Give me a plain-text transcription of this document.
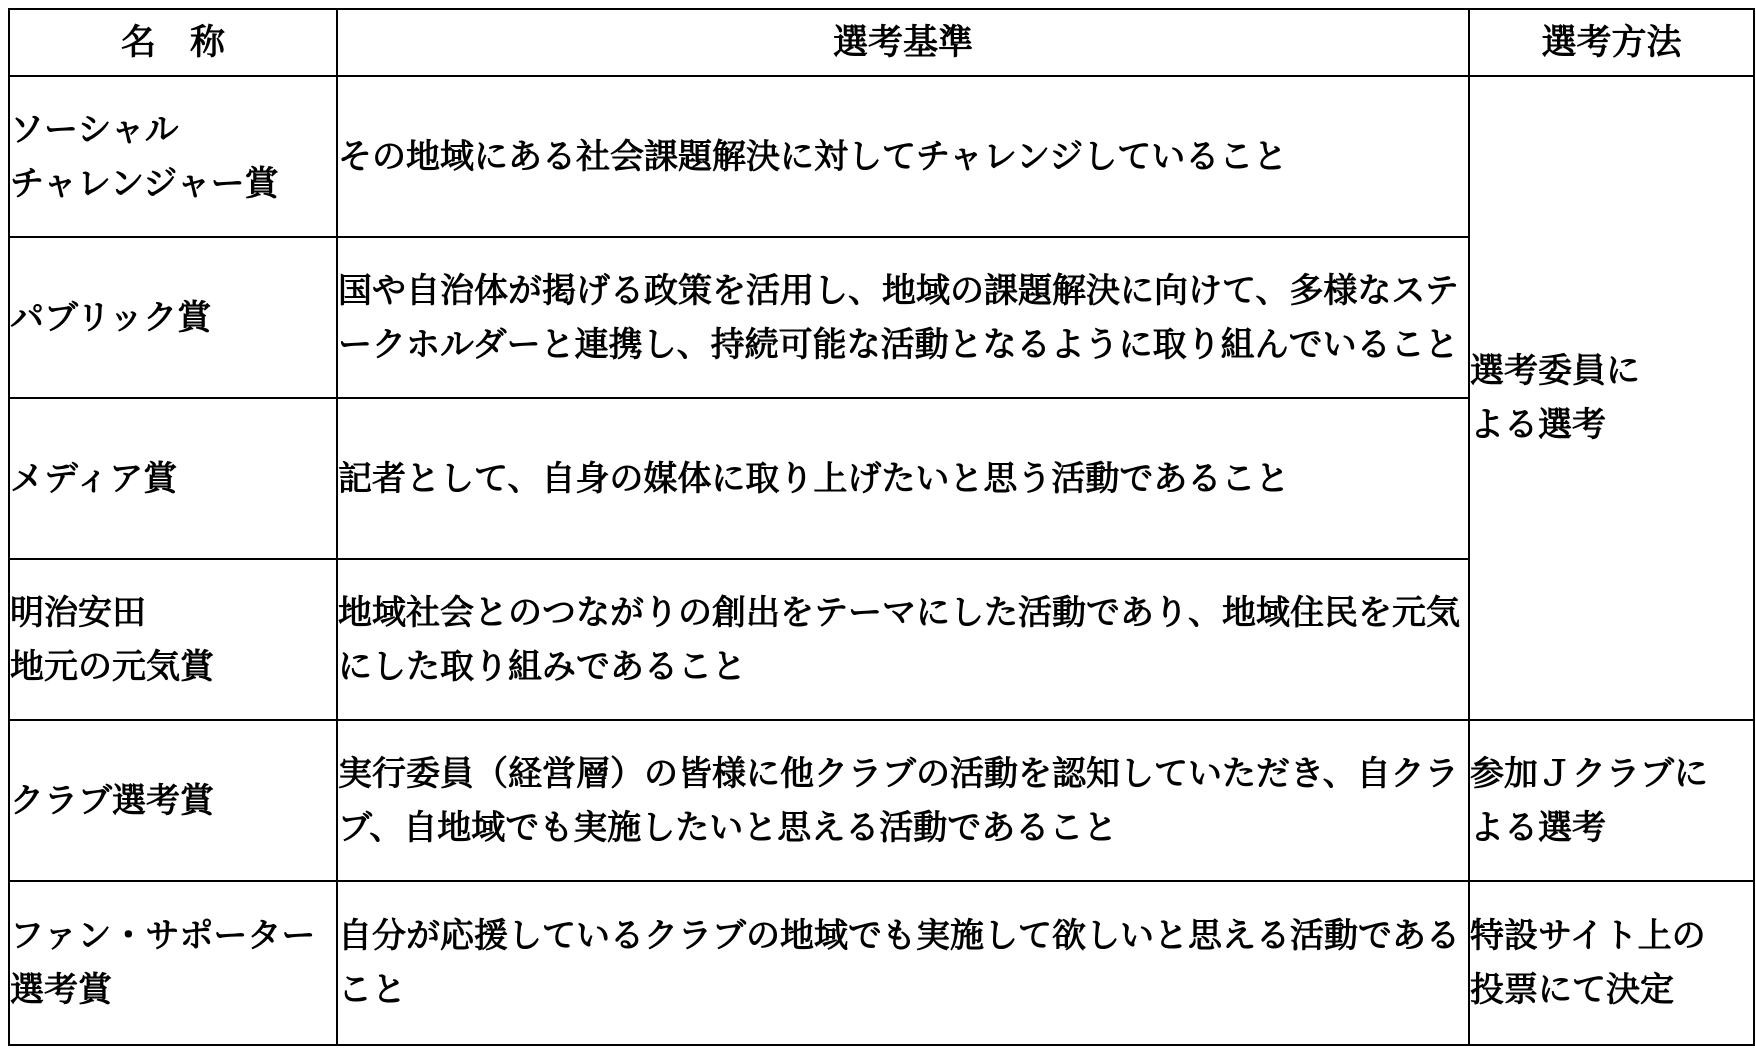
名称	選考基準	選考方法

ソーシャル
チャレンジャー賞	その地域にある社会課題解決に対してチャレンジしていること	選考委員に
よる選考

パブリック賞	国や自治体が掲げる政策を活用し、地域の課題解決に向けて、多様なステークホルダーと連携し、持続可能な活動となるように取り組んでいること	

メディア賞	記者として、自身の媒体に取り上げたいと思う活動であること	

明治安田
地元の元気賞	地域社会とのつながりの創出をテーマにした活動であり、地域住民を元気にした取り組みであること	

クラブ選考賞	実行委員（経営層）の皆様に他クラブの活動を認知していただき、自クラブ、自地域でも実施したいと思える活動であること	参加Ｊクラブに
よる選考

ファン・サポーター
選考賞	自分が応援しているクラブの地域でも実施して欲しいと思える活動であること	特設サイト上の
投票にて決定
